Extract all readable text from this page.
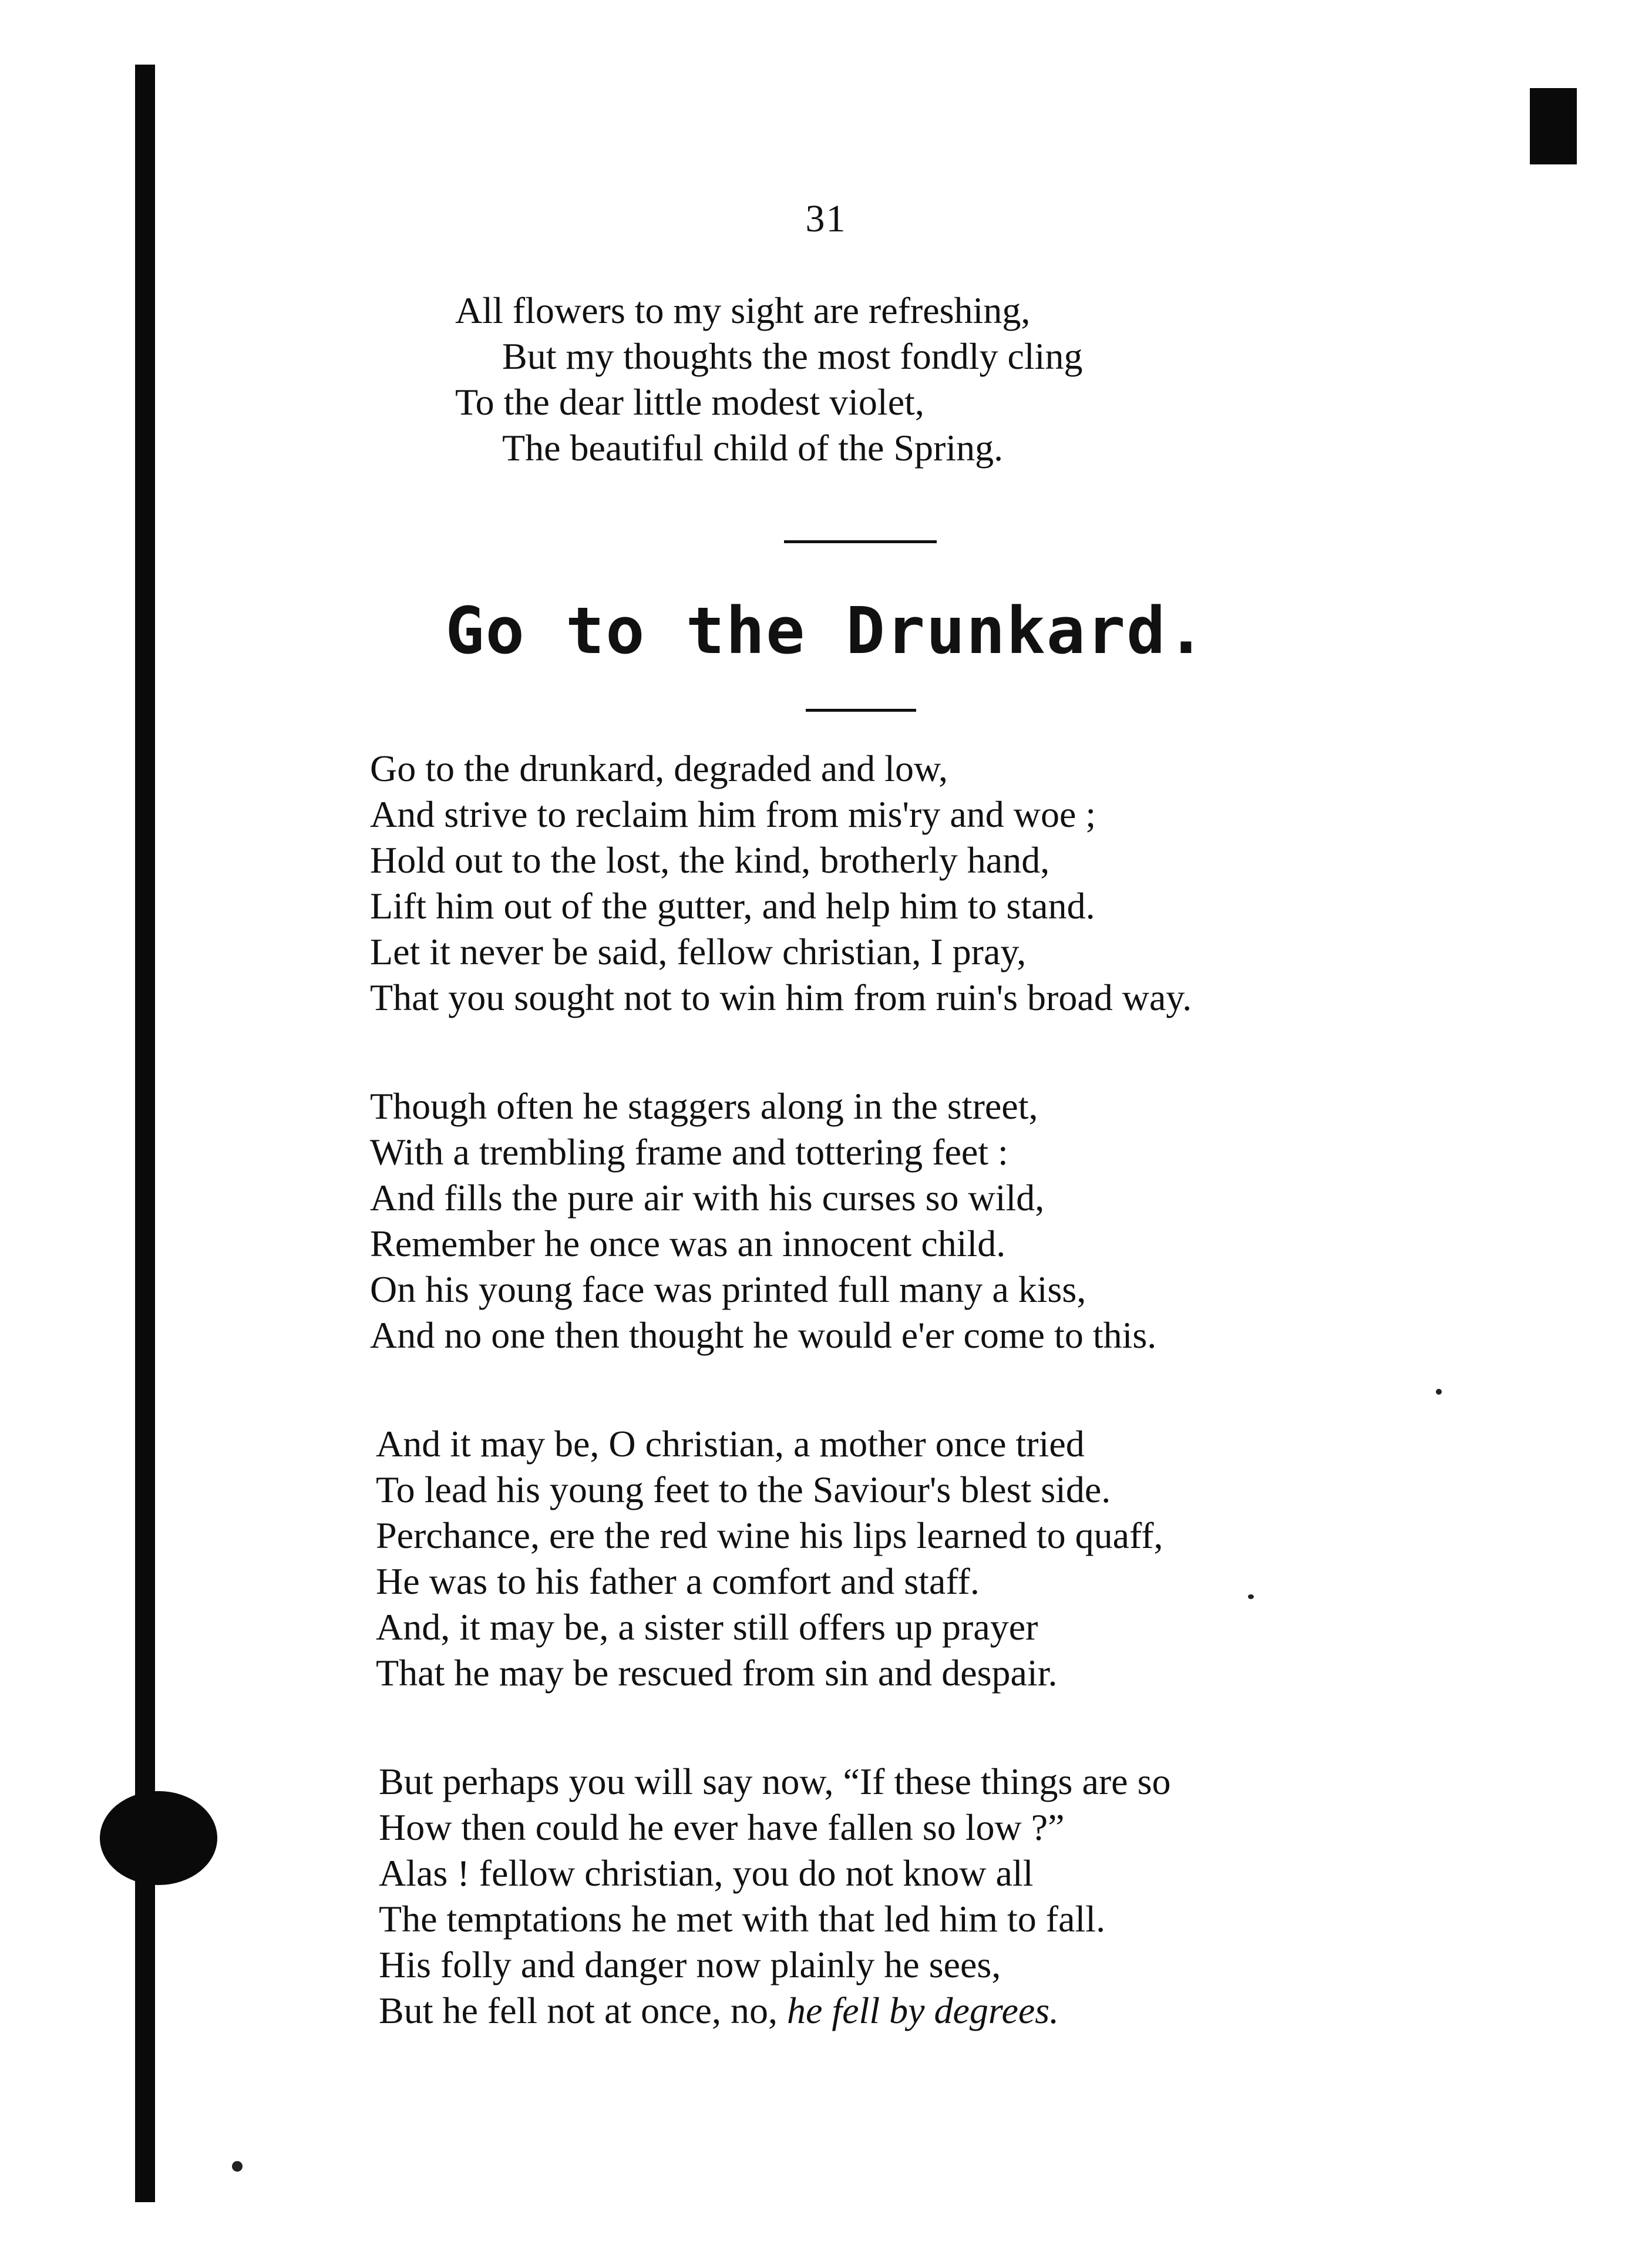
31
All flowers to my sight are refreshing,
But my thoughts the most fondly cling
To the dear little modest violet,
The beautiful child of the Spring.
Go to the Drunkard.
Go to the drunkard, degraded and low,
And strive to reclaim him from mis'ry and woe ;
Hold out to the lost, the kind, brotherly hand,
Lift him out of the gutter, and help him to stand.
Let it never be said, fellow christian, I pray,
That you sought not to win him from ruin's broad way.
Though often he staggers along in the street,
With a trembling frame and tottering feet :
And fills the pure air with his curses so wild,
Remember he once was an innocent child.
On his young face was printed full many a kiss,
And no one then thought he would e'er come to this.
And it may be, O christian, a mother once tried
To lead his young feet to the Saviour's blest side.
Perchance, ere the red wine his lips learned to quaff,
He was to his father a comfort and staff.
And, it may be, a sister still offers up prayer
That he may be rescued from sin and despair.
But perhaps you will say now, “If these things are so
How then could he ever have fallen so low ?”
Alas ! fellow christian, you do not know all
The temptations he met with that led him to fall.
His folly and danger now plainly he sees,
But he fell not at once, no, he fell by degrees.
